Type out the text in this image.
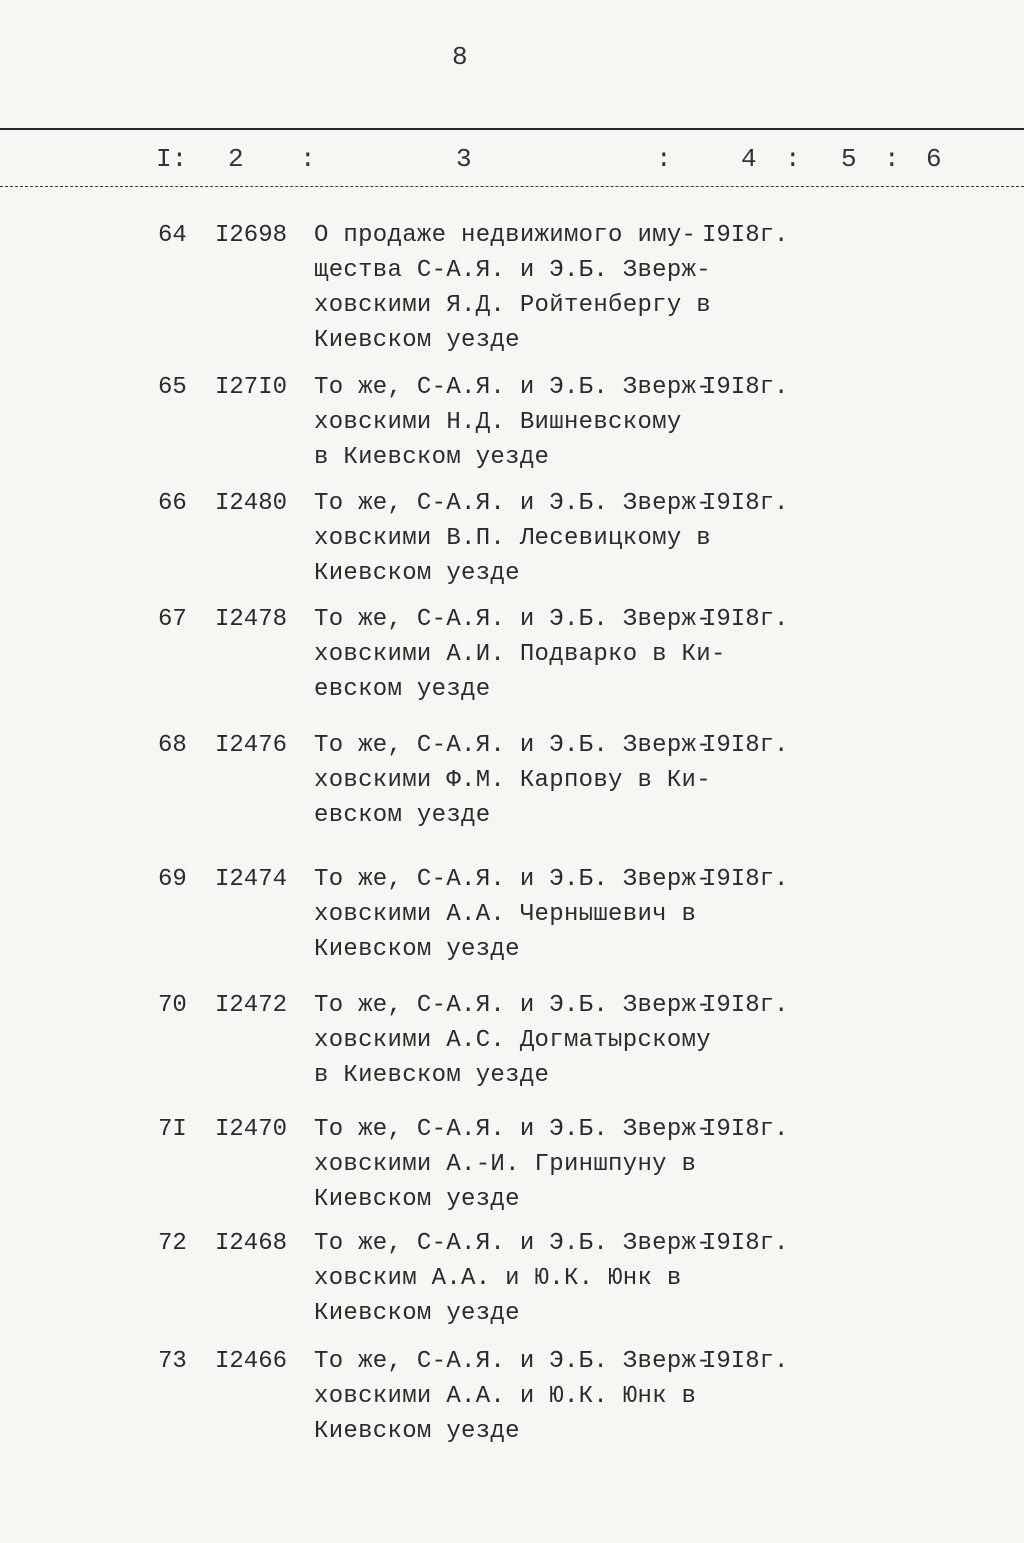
8
I: 2 :	3	:	4 : 5 : 6
64 I2698 О продаже недвижимого иму-
щества С-А.Я. и Э.Б. Зверж-
ховскими Я.Д. Ройтенбергу в
Киевском уезде
I9I8г.
65 I27I0 То же, С-А.Я. и Э.Б. Зверж-
ховскими Н.Д. Вишневскому
в Киевском уезде
I9I8г.
66 I2480 То же, С-А.Я. и Э.Б. Зверж-
ховскими В.П. Лесевицкому в
Киевском уезде
I9I8г.
67 I2478 То же, С-А.Я. и Э.Б. Зверж-
ховскими А.И. Подварко в Ки-
евском уезде
I9I8г.
68 I2476 То же, С-А.Я. и Э.Б. Зверж-
ховскими Ф.М. Карпову в Ки-
евском уезде
I9I8г.
69 I2474 То же, С-А.Я. и Э.Б. Зверж-
ховскими А.А. Чернышевич в
Киевском уезде
I9I8г.
70 I2472 То же, С-А.Я. и Э.Б. Зверж-
ховскими А.С. Догматырскому
в Киевском уезде
I9I8г.
7I I2470 То же, С-А.Я. и Э.Б. Зверж-
ховскими А.-И. Гриншпуну в
Киевском уезде
I9I8г.
72 I2468 То же, С-А.Я. и Э.Б. Зверж-
ховским А.А. и Ю.К. Юнк в
Киевском уезде
I9I8г.
73 I2466 То же, С-А.Я. и Э.Б. Зверж-
ховскими А.А. и Ю.К. Юнк в
Киевском уезде
I9I8г.
